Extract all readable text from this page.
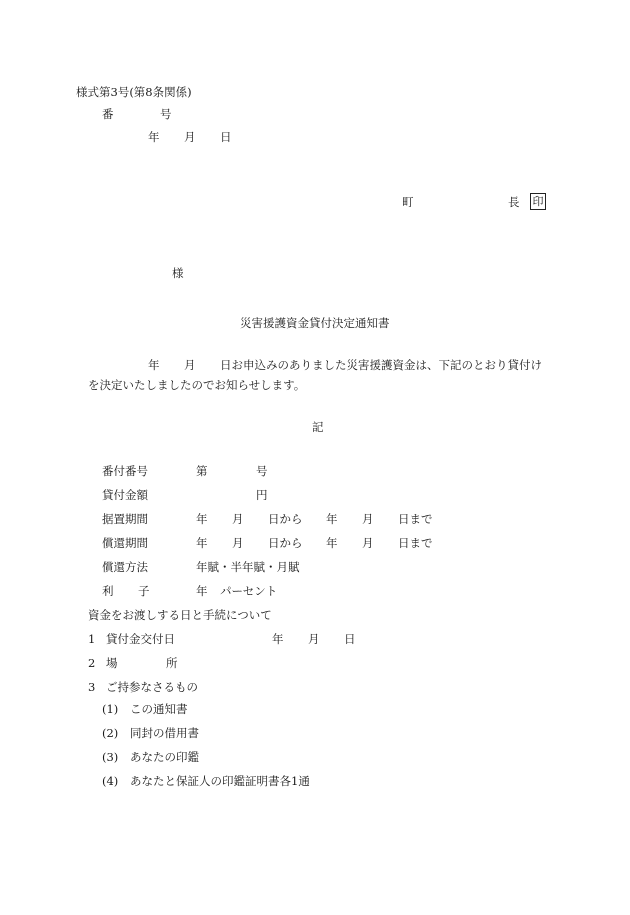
様式第3号(第8条関係)
番	号
年 月 日
町	長 印
様
災害援護資金貸付決定通知書
年 月 日お申込みのありました災害援護資金は、下記のとおり貸付け
を決定いたしましたのでお知らせします。
記
番付番号	第	号
貸付金額	円
据置期間	年 月 日から 年 月 日まで
償還期間	年 月 日から 年 月 日まで
償還方法	年賦・半年賦・月賦
利 子	年 パーセント
資金をお渡しする日と手続について
1 貸付金交付日	年 月 日
2 場	所
3 ご持参なさるもの
(1) この通知書
(2) 同封の借用書
(3) あなたの印鑑
(4) あなたと保証人の印鑑証明書各1通
